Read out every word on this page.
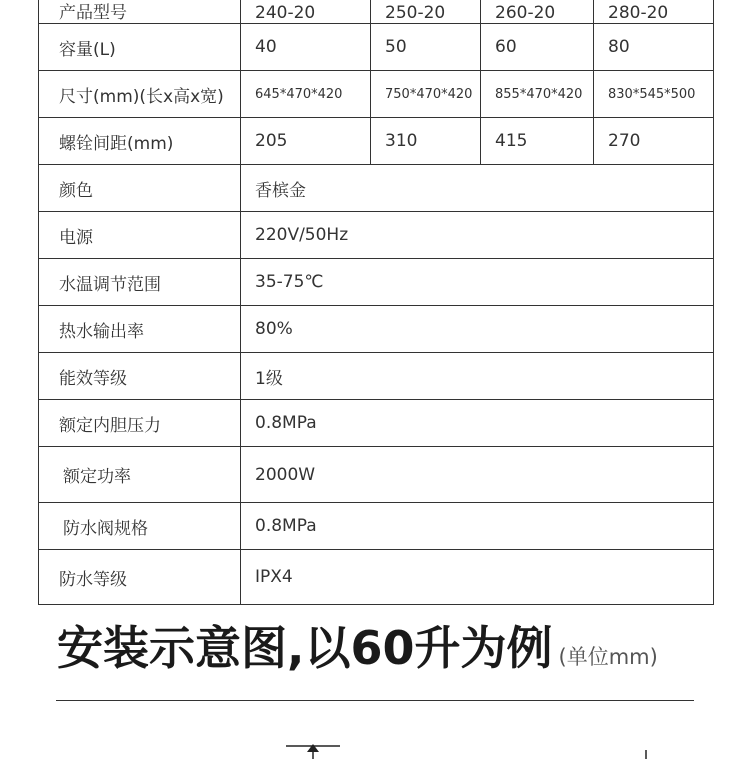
产品型号	240-20	250-20	260-20	280-20
容量(L)	40	50	60	80
尺寸(mm)(长x高x宽)	645*470*420	750*470*420	855*470*420	830*545*500
螺铨间距(mm)	205	310	415	270
颜色	香槟金			
电源	220V/50Hz			
水温调节范围	35-75℃			
热水输出率	80%			
能效等级	1级			
额定内胆压力	0.8MPa			
额定功率	2000W			
防水阀规格	0.8MPa			
防水等级	IPX4			
安装示意图,以60升为例 (单位mm)
